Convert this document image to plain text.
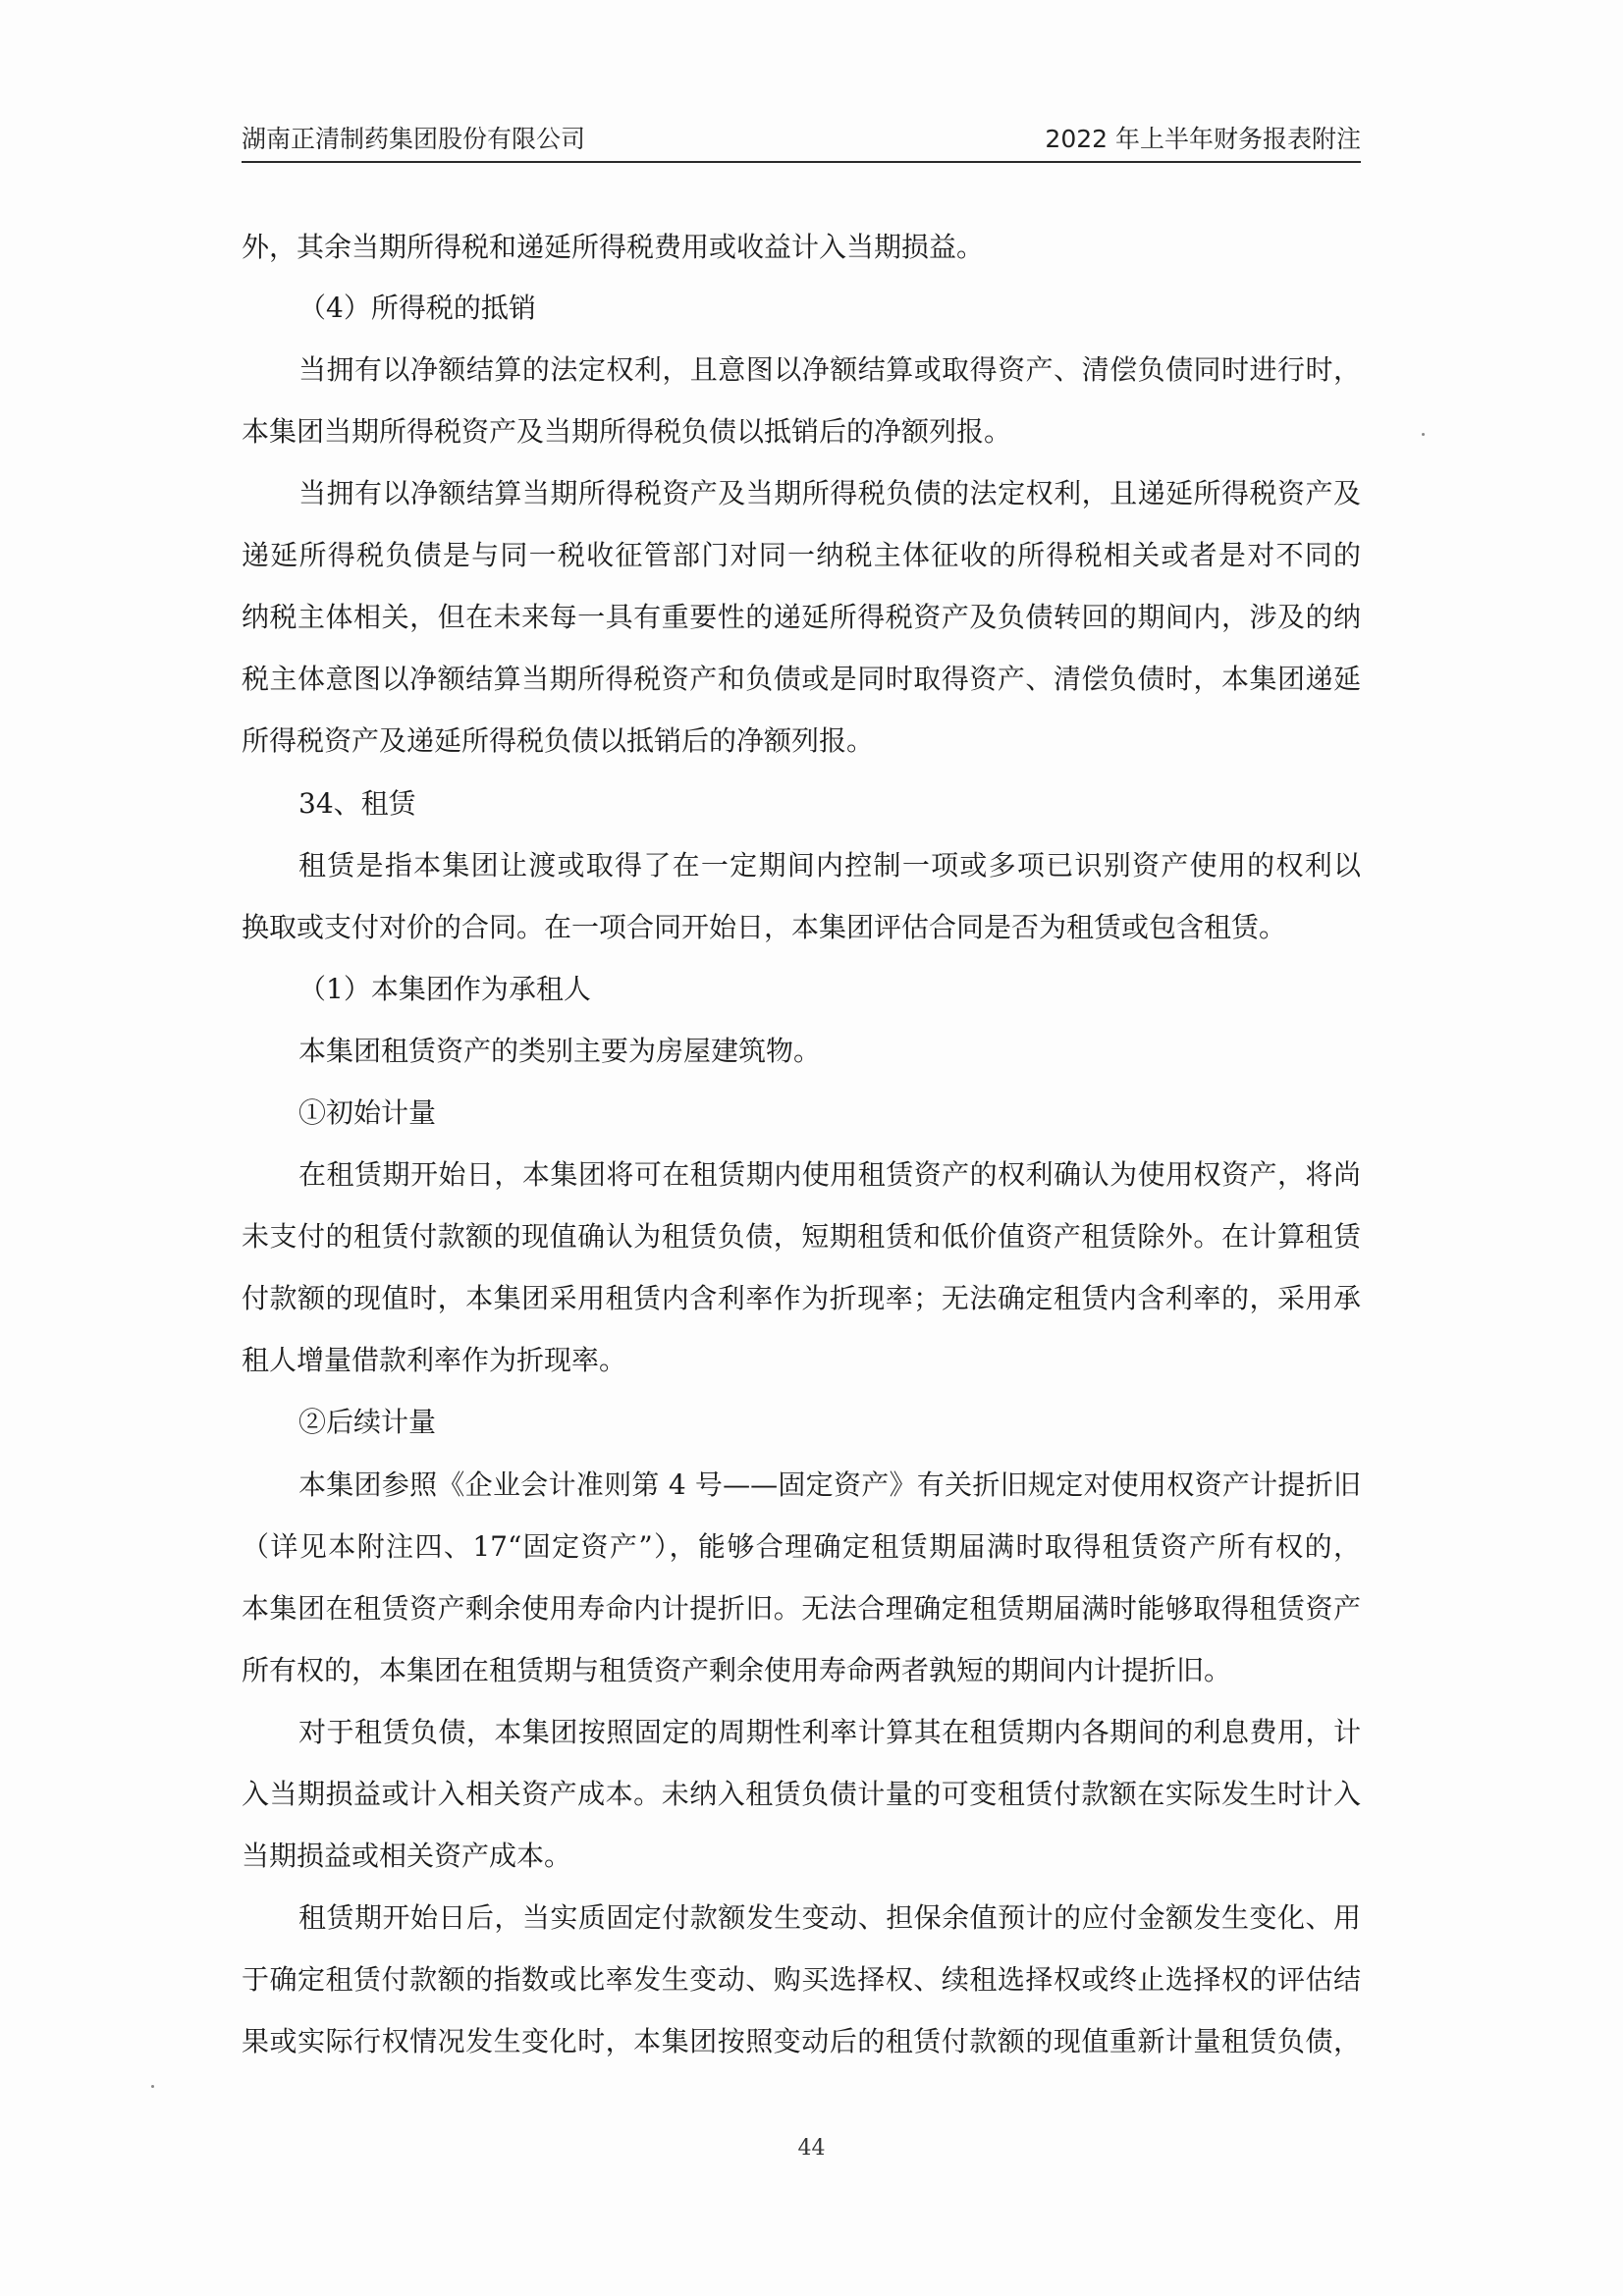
湖南正清制药集团股份有限公司	2022 年上半年财务报表附注
外，其余当期所得税和递延所得税费用或收益计入当期损益。
（4）所得税的抵销
当拥有以净额结算的法定权利，且意图以净额结算或取得资产、清偿负债同时进行时，
本集团当期所得税资产及当期所得税负债以抵销后的净额列报。
当拥有以净额结算当期所得税资产及当期所得税负债的法定权利，且递延所得税资产及
递延所得税负债是与同一税收征管部门对同一纳税主体征收的所得税相关或者是对不同的
纳税主体相关，但在未来每一具有重要性的递延所得税资产及负债转回的期间内，涉及的纳
税主体意图以净额结算当期所得税资产和负债或是同时取得资产、清偿负债时，本集团递延
所得税资产及递延所得税负债以抵销后的净额列报。
34、租赁
租赁是指本集团让渡或取得了在一定期间内控制一项或多项已识别资产使用的权利以
换取或支付对价的合同。在一项合同开始日，本集团评估合同是否为租赁或包含租赁。
（1）本集团作为承租人
本集团租赁资产的类别主要为房屋建筑物。
①初始计量
在租赁期开始日，本集团将可在租赁期内使用租赁资产的权利确认为使用权资产，将尚
未支付的租赁付款额的现值确认为租赁负债，短期租赁和低价值资产租赁除外。在计算租赁
付款额的现值时，本集团采用租赁内含利率作为折现率；无法确定租赁内含利率的，采用承
租人增量借款利率作为折现率。
②后续计量
本集团参照《企业会计准则第 4 号——固定资产》有关折旧规定对使用权资产计提折旧
（详见本附注四、17“固定资产”），能够合理确定租赁期届满时取得租赁资产所有权的，
本集团在租赁资产剩余使用寿命内计提折旧。无法合理确定租赁期届满时能够取得租赁资产
所有权的，本集团在租赁期与租赁资产剩余使用寿命两者孰短的期间内计提折旧。
对于租赁负债，本集团按照固定的周期性利率计算其在租赁期内各期间的利息费用，计
入当期损益或计入相关资产成本。未纳入租赁负债计量的可变租赁付款额在实际发生时计入
当期损益或相关资产成本。
租赁期开始日后，当实质固定付款额发生变动、担保余值预计的应付金额发生变化、用
于确定租赁付款额的指数或比率发生变动、购买选择权、续租选择权或终止选择权的评估结
果或实际行权情况发生变化时，本集团按照变动后的租赁付款额的现值重新计量租赁负债，
44
